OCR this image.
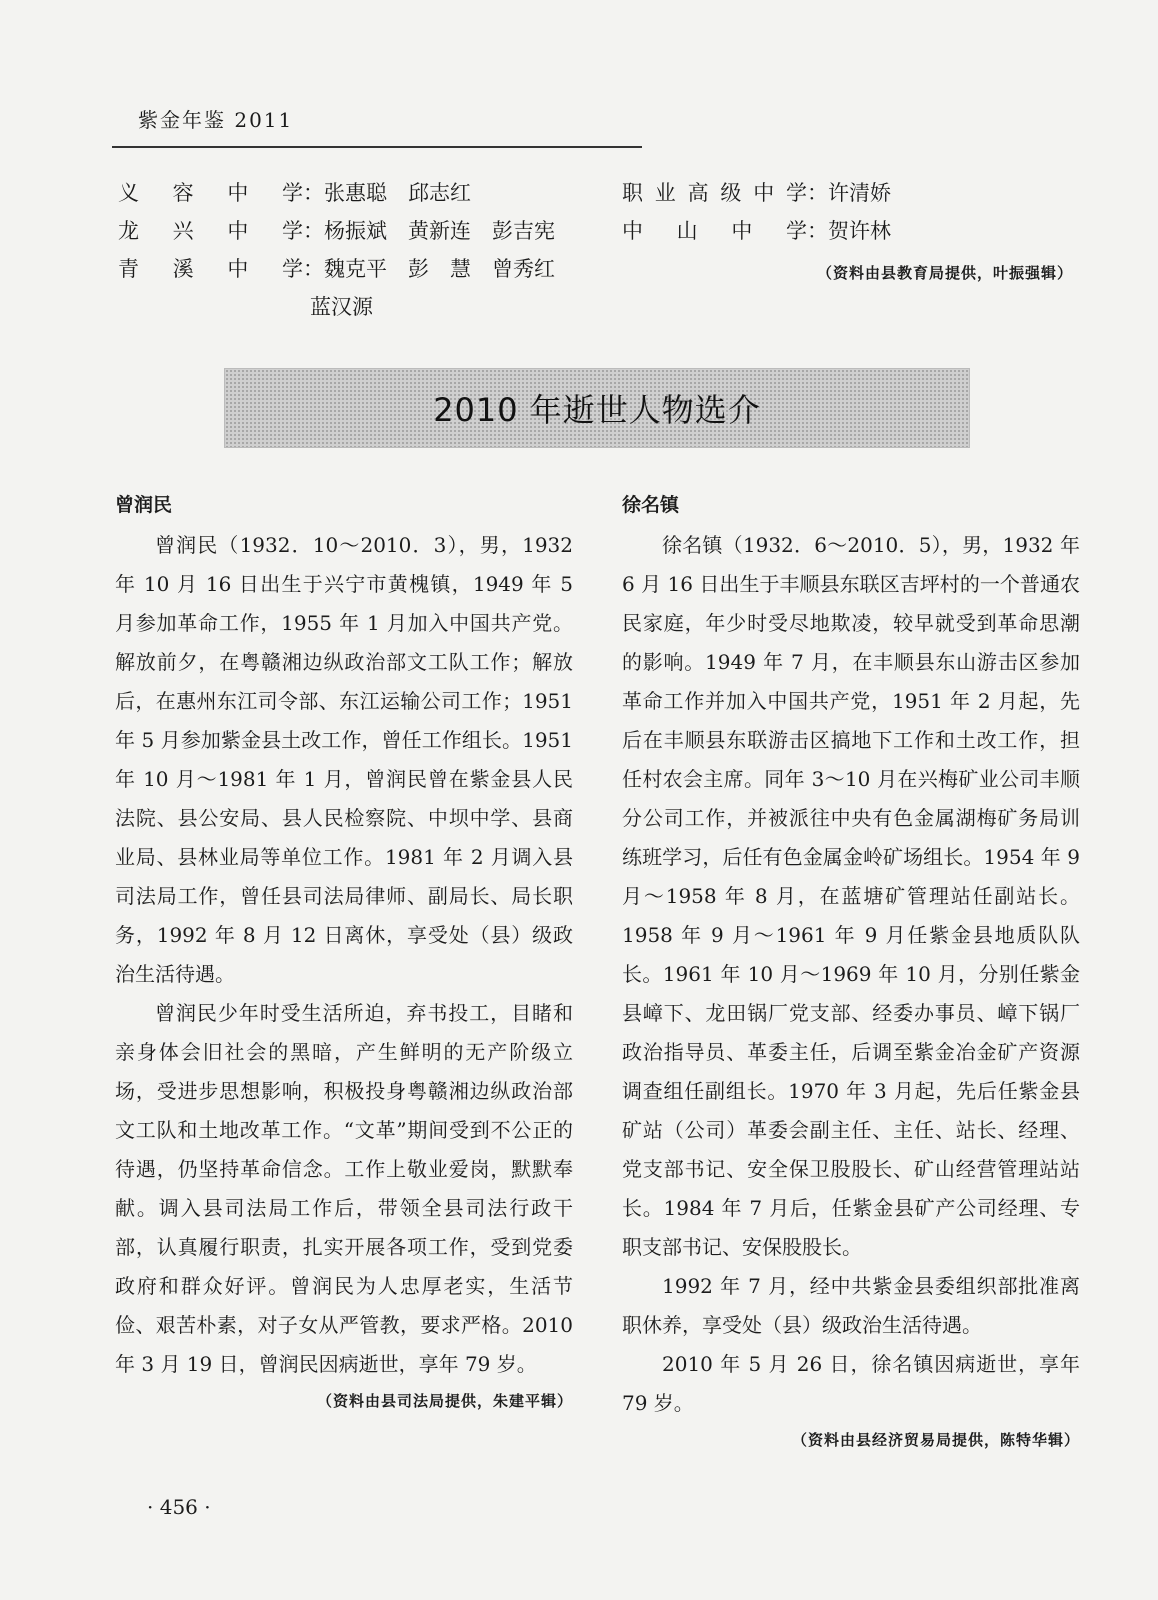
紫金年鉴 2011
义容中学：张惠聪　邱志红
龙兴中学：杨振斌　黄新连　彭吉宪
青溪中学：魏克平　彭　慧　曾秀红
蓝汉源
职业高级中学：许清娇
中山中学：贺许林
（资料由县教育局提供，叶振强辑）
2010 年逝世人物选介
曾润民

曾润民（1932．10～2010．3），男，1932 年 10 月 16 日出生于兴宁市黄槐镇，1949 年 5 月参加革命工作，1955 年 1 月加入中国共产党。解放前夕，在粤赣湘边纵政治部文工队工作；解放后，在惠州东江司令部、东江运输公司工作；1951 年 5 月参加紫金县土改工作，曾任工作组长。1951 年 10 月～1981 年 1 月，曾润民曾在紫金县人民法院、县公安局、县人民检察院、中坝中学、县商业局、县林业局等单位工作。1981 年 2 月调入县司法局工作，曾任县司法局律师、副局长、局长职务，1992 年 8 月 12 日离休，享受处（县）级政治生活待遇。

曾润民少年时受生活所迫，弃书投工，目睹和亲身体会旧社会的黑暗，产生鲜明的无产阶级立场，受进步思想影响，积极投身粤赣湘边纵政治部文工队和土地改革工作。“文革”期间受到不公正的待遇，仍坚持革命信念。工作上敬业爱岗，默默奉献。调入县司法局工作后，带领全县司法行政干部，认真履行职责，扎实开展各项工作，受到党委政府和群众好评。曾润民为人忠厚老实，生活节俭、艰苦朴素，对子女从严管教，要求严格。2010 年 3 月 19 日，曾润民因病逝世，享年 79 岁。

（资料由县司法局提供，朱建平辑）
徐名镇

徐名镇（1932．6～2010．5），男，1932 年 6 月 16 日出生于丰顺县东联区吉坪村的一个普通农民家庭，年少时受尽地欺凌，较早就受到革命思潮的影响。1949 年 7 月，在丰顺县东山游击区参加革命工作并加入中国共产党，1951 年 2 月起，先后在丰顺县东联游击区搞地下工作和土改工作，担任村农会主席。同年 3～10 月在兴梅矿业公司丰顺分公司工作，并被派往中央有色金属湖梅矿务局训练班学习，后任有色金属金岭矿场组长。1954 年 9 月～1958 年 8 月，在蓝塘矿管理站任副站长。1958 年 9 月～1961 年 9 月任紫金县地质队队长。1961 年 10 月～1969 年 10 月，分别任紫金县嶂下、龙田锅厂党支部、经委办事员、嶂下锅厂政治指导员、革委主任，后调至紫金冶金矿产资源调查组任副组长。1970 年 3 月起，先后任紫金县矿站（公司）革委会副主任、主任、站长、经理、党支部书记、安全保卫股股长、矿山经营管理站站长。1984 年 7 月后，任紫金县矿产公司经理、专职支部书记、安保股股长。

1992 年 7 月，经中共紫金县委组织部批准离职休养，享受处（县）级政治生活待遇。

2010 年 5 月 26 日，徐名镇因病逝世，享年 79 岁。

（资料由县经济贸易局提供，陈特华辑）
· 456 ·
